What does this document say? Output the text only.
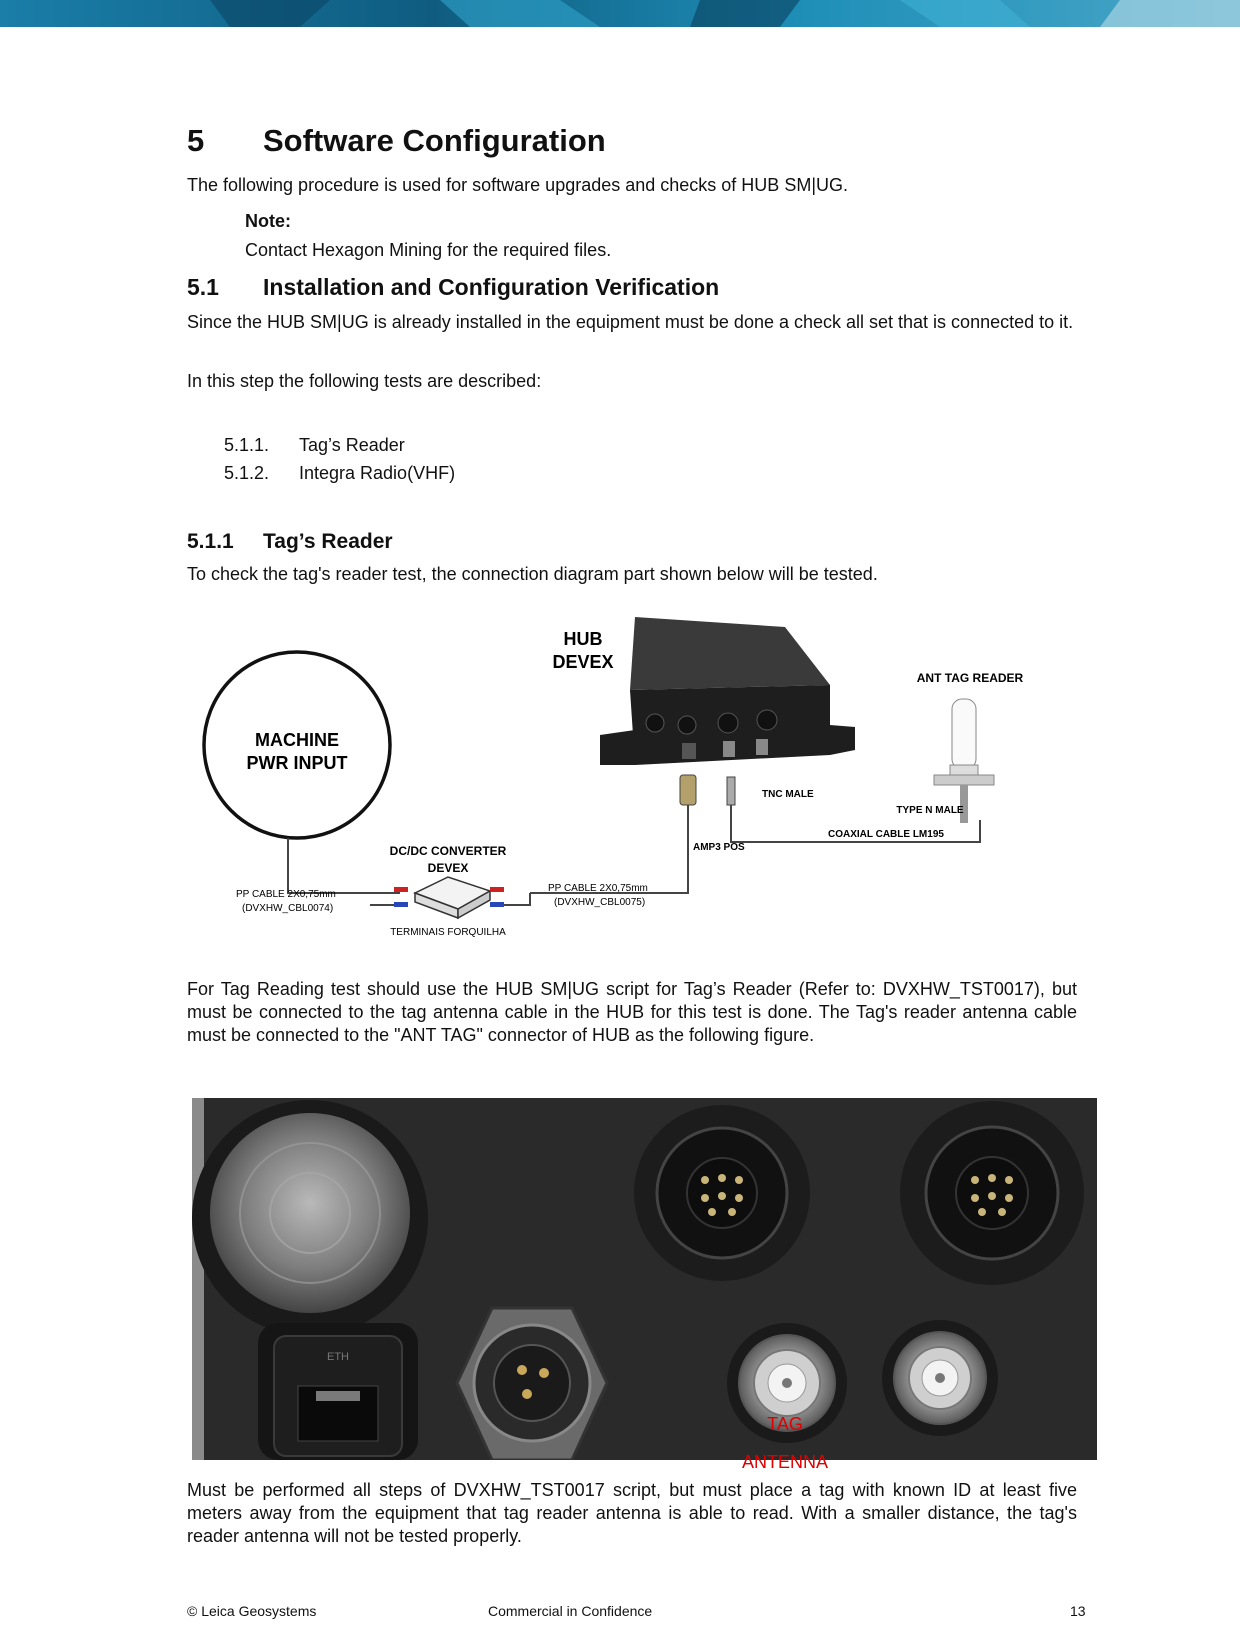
5 Software Configuration

The following procedure is used for software upgrades and checks of HUB SM|UG.

Note:
Contact Hexagon Mining for the required files.
5.1 Installation and Configuration Verification

Since the HUB SM|UG is already installed in the equipment must be done a check all set that is connected to it.

In this step the following tests are described:

5.1.1. Tag’s Reader
5.1.2. Integra Radio(VHF)
5.1.1 Tag’s Reader

To check the tag's reader test, the connection diagram part shown below will be tested.

MACHINE
PWR INPUT
HUB
DEVEX
ANT TAG READER
TYPE N MALE
TNC MALE
COAXIAL CABLE LM195
AMP3 POS
DC/DC CONVERTER
DEVEX
PP CABLE 2X0,75mm
(DVXHW_CBL0074)
PP CABLE 2X0,75mm
(DVXHW_CBL0075)
TERMINAIS FORQUILHA

For Tag Reading test should use the HUB SM|UG script for Tag’s Reader (Refer to: DVXHW_TST0017), but must be connected to the tag antenna cable in the HUB for this test is done. The Tag's reader antenna cable must be connected to the "ANT TAG" connector of HUB as the following figure.

ETH
TAG
ANTENNA

Must be performed all steps of DVXHW_TST0017 script, but must place a tag with known ID at least five meters away from the equipment that tag reader antenna is able to read. With a smaller distance, the tag's reader antenna will not be tested properly.

© Leica Geosystems	Commercial in Confidence	13
